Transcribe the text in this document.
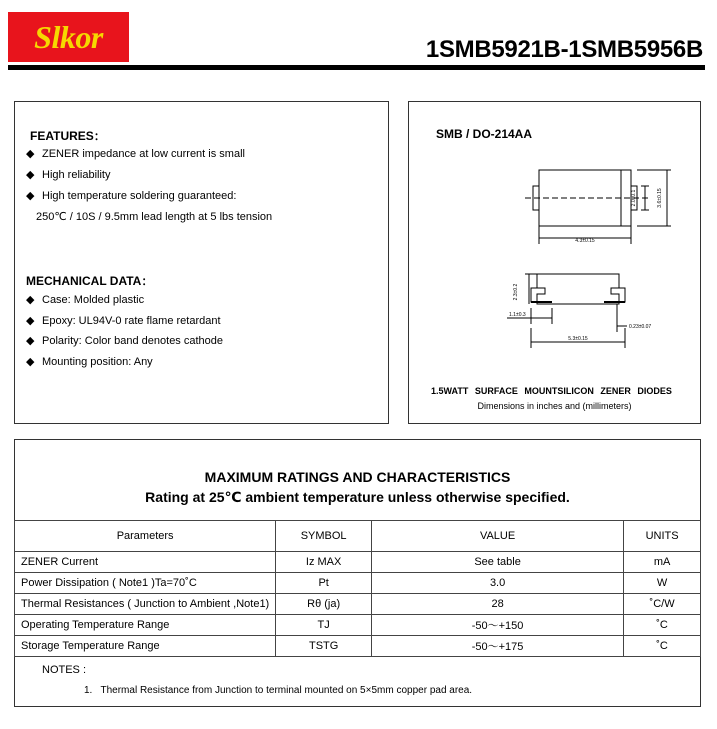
Slkor	1SMB5921B-1SMB5956B
FEATURES：
◆ ZENER impedance at low current is small
◆ High reliability
◆ High temperature soldering guaranteed:
250℃ / 10S / 9.5mm lead length at 5 lbs tension
MECHANICAL DATA：
◆ Case: Molded plastic
◆ Epoxy: UL94V-0 rate flame retardant
◆ Polarity: Color band denotes cathode
◆ Mounting position: Any
SMB / DO-214AA
4.3±0.15
2.0±0.1	3.6±0.15
2.3±0.2
1.1±0.3
0.23±0.07
5.3±0.15
1.5WATT SURFACE MOUNTSILICON ZENER DIODES
Dimensions in inches and (millimeters)
MAXIMUM RATINGS AND CHARACTERISTICS
Rating at 25℃ ambient temperature unless otherwise specified.
NOTES :
1. Thermal Resistance from Junction to terminal mounted on 5×5mm copper pad area.
Parameters	SYMBOL	VALUE	UNITS
ZENER Current	Iz MAX	See table	mA
Power Dissipation ( Note1 )Ta=70˚C	Pt	3.0	W
Thermal Resistances ( Junction to Ambient ,Note1)	Rθ (ja)	28	˚C/W
Operating Temperature Range	TJ	-50〜+150	˚C
Storage Temperature Range	TSTG	-50〜+175	˚C
